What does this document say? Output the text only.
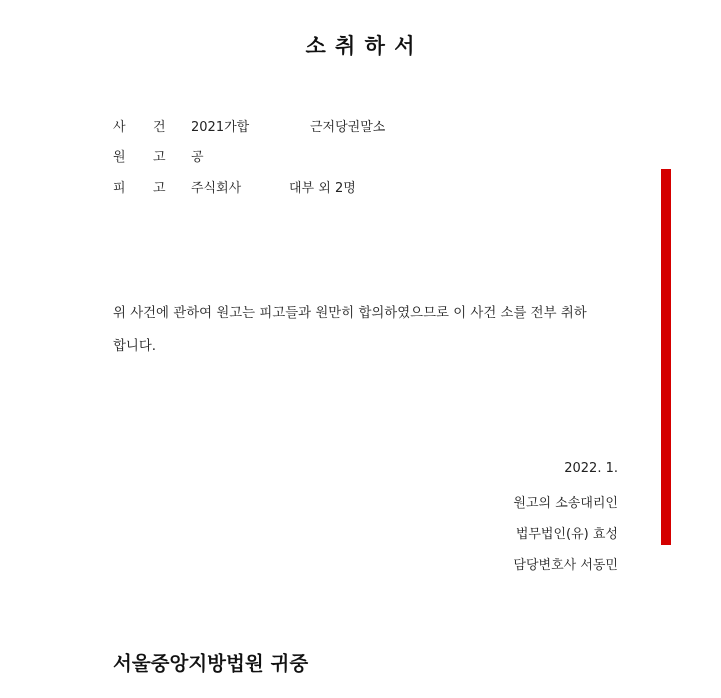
소 취 하 서
사 건 2021가합	근저당권말소
원 고 공
피 고 주식회사	대부 외 2명
위 사건에 관하여 원고는 피고들과 원만히 합의하였으므로 이 사건 소를 전부 취하
합니다.
2022. 1.
원고의 소송대리인
법무법인(유) 효성
담당변호사 서동민
서울중앙지방법원 귀중
